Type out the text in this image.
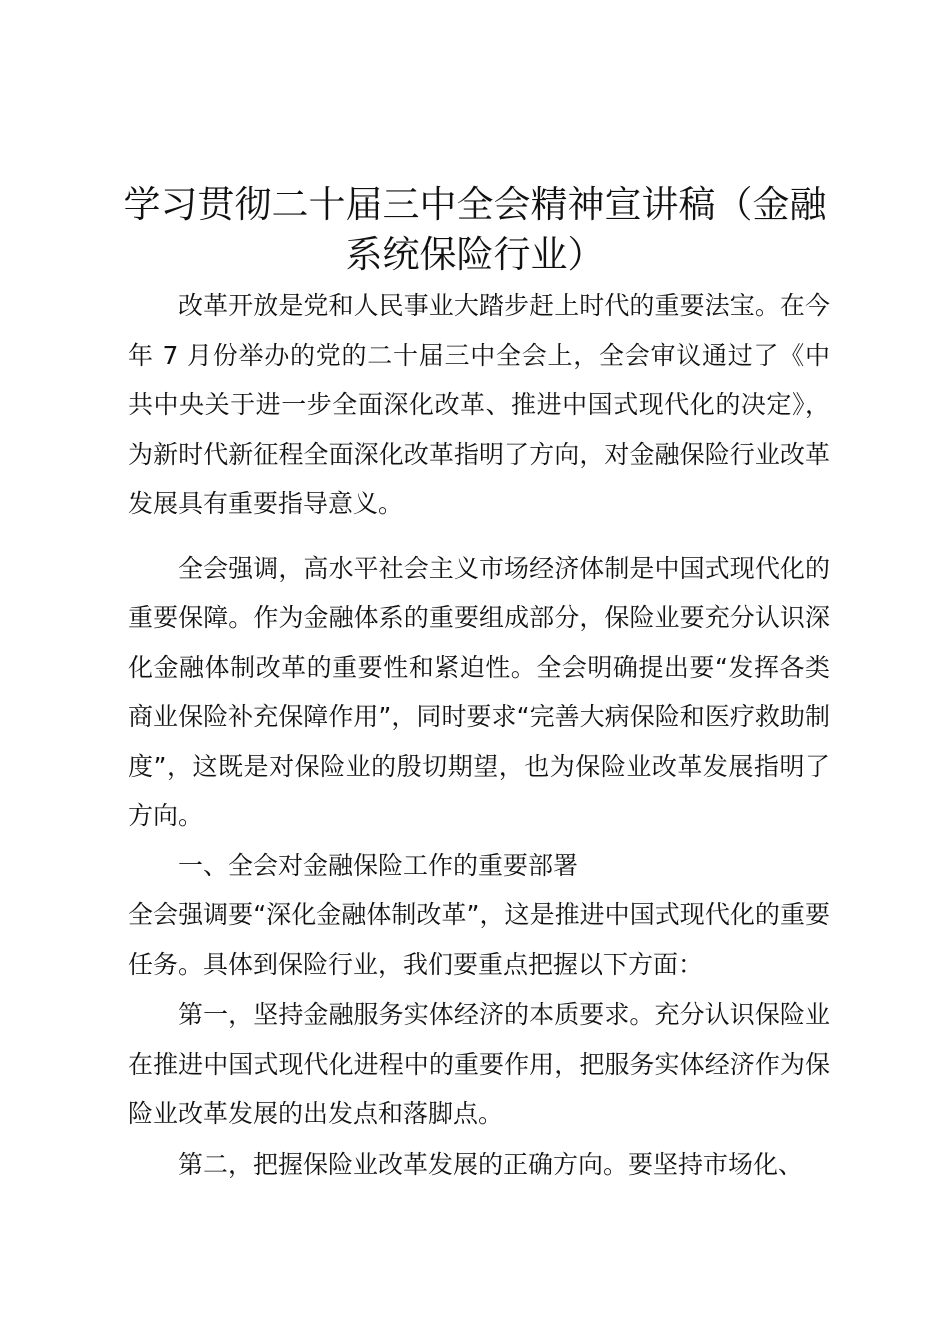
学习贯彻二十届三中全会精神宣讲稿（金融系统保险行业）

改革开放是党和人民事业大踏步赶上时代的重要法宝。在今年 7 月份举办的党的二十届三中全会上，全会审议通过了《中共中央关于进一步全面深化改革、推进中国式现代化的决定》，为新时代新征程全面深化改革指明了方向，对金融保险行业改革发展具有重要指导意义。

全会强调，高水平社会主义市场经济体制是中国式现代化的重要保障。作为金融体系的重要组成部分，保险业要充分认识深化金融体制改革的重要性和紧迫性。全会明确提出要“发挥各类商业保险补充保障作用”，同时要求“完善大病保险和医疗救助制度”，这既是对保险业的殷切期望，也为保险业改革发展指明了方向。

一、全会对金融保险工作的重要部署

全会强调要“深化金融体制改革”，这是推进中国式现代化的重要任务。具体到保险行业，我们要重点把握以下方面：

第一，坚持金融服务实体经济的本质要求。充分认识保险业在推进中国式现代化进程中的重要作用，把服务实体经济作为保险业改革发展的出发点和落脚点。

第二，把握保险业改革发展的正确方向。要坚持市场化、
